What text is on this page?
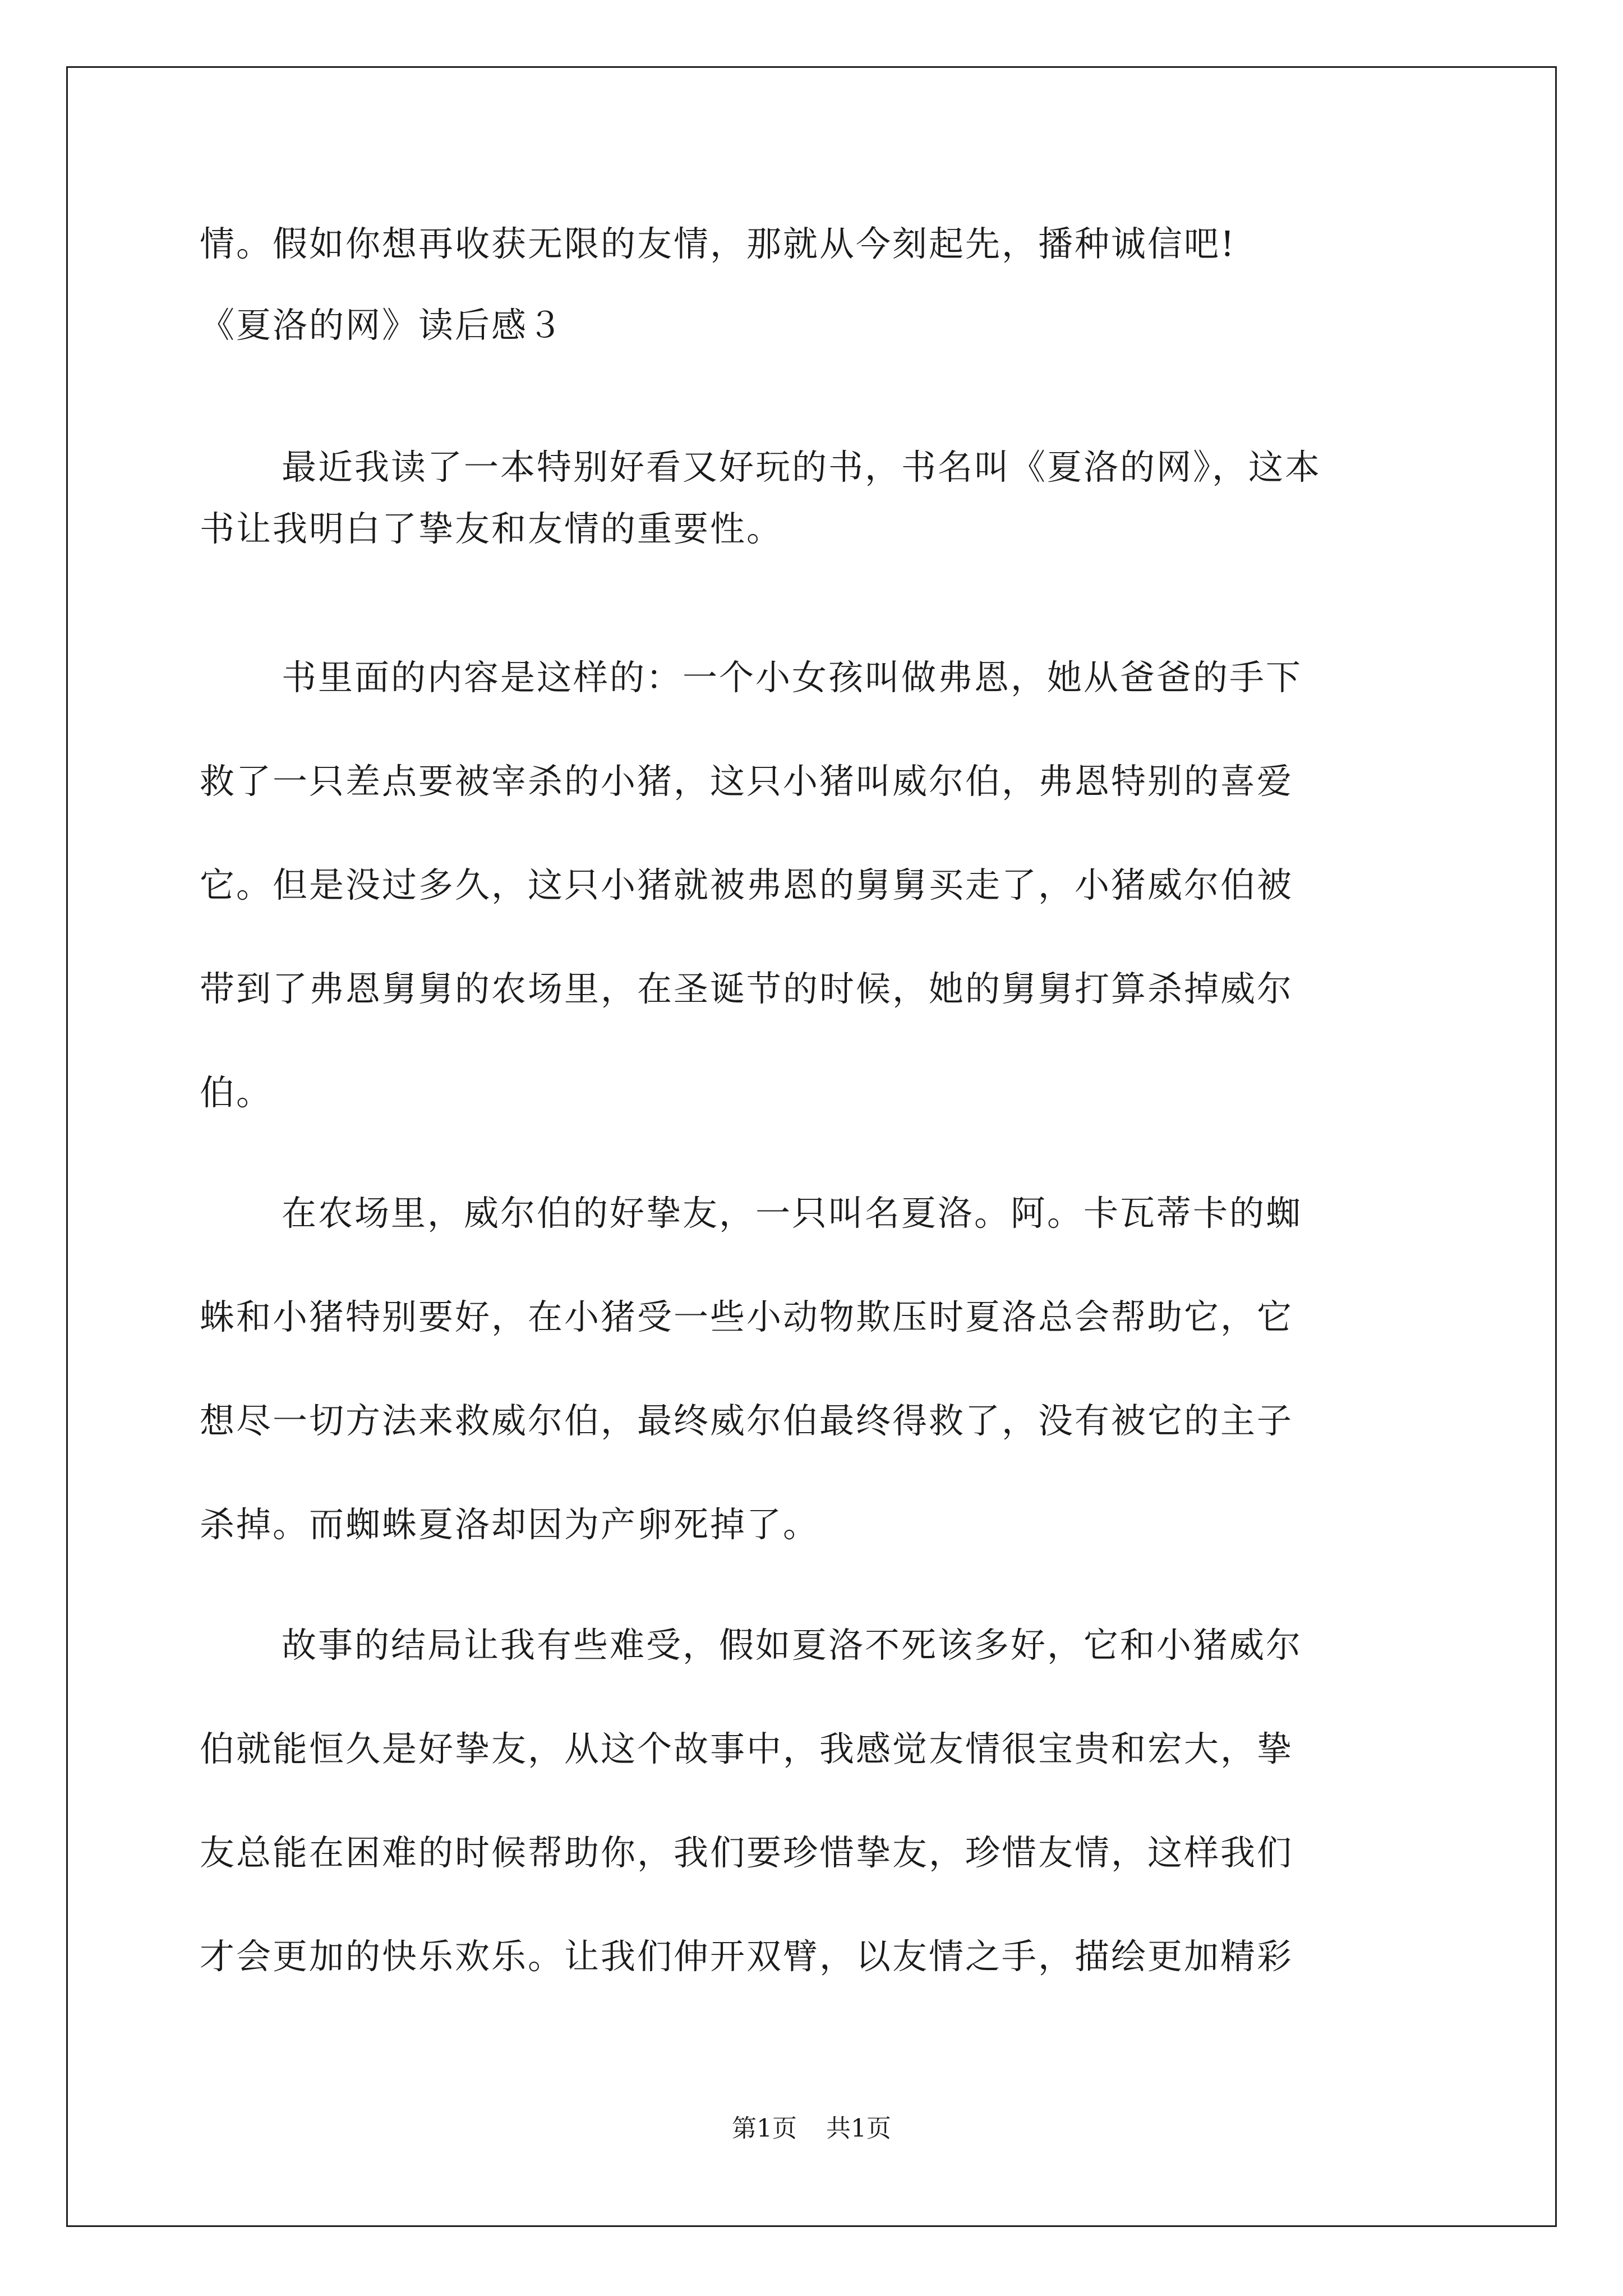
情。假如你想再收获无限的友情，那就从今刻起先，播种诚信吧!
《夏洛的网》读后感３
最近我读了一本特别好看又好玩的书，书名叫《夏洛的网》，这本
书让我明白了挚友和友情的重要性。
书里面的内容是这样的：一个小女孩叫做弗恩，她从爸爸的手下
救了一只差点要被宰杀的小猪，这只小猪叫威尔伯，弗恩特别的喜爱
它。但是没过多久，这只小猪就被弗恩的舅舅买走了，小猪威尔伯被
带到了弗恩舅舅的农场里，在圣诞节的时候，她的舅舅打算杀掉威尔
伯。
在农场里，威尔伯的好挚友，一只叫名夏洛。阿。卡瓦蒂卡的蜘
蛛和小猪特别要好，在小猪受一些小动物欺压时夏洛总会帮助它，它
想尽一切方法来救威尔伯，最终威尔伯最终得救了，没有被它的主子
杀掉。而蜘蛛夏洛却因为产卵死掉了。
故事的结局让我有些难受，假如夏洛不死该多好，它和小猪威尔
伯就能恒久是好挚友，从这个故事中，我感觉友情很宝贵和宏大，挚
友总能在困难的时候帮助你，我们要珍惜挚友，珍惜友情，这样我们
才会更加的快乐欢乐。让我们伸开双臂，以友情之手，描绘更加精彩
第1页 共1页
